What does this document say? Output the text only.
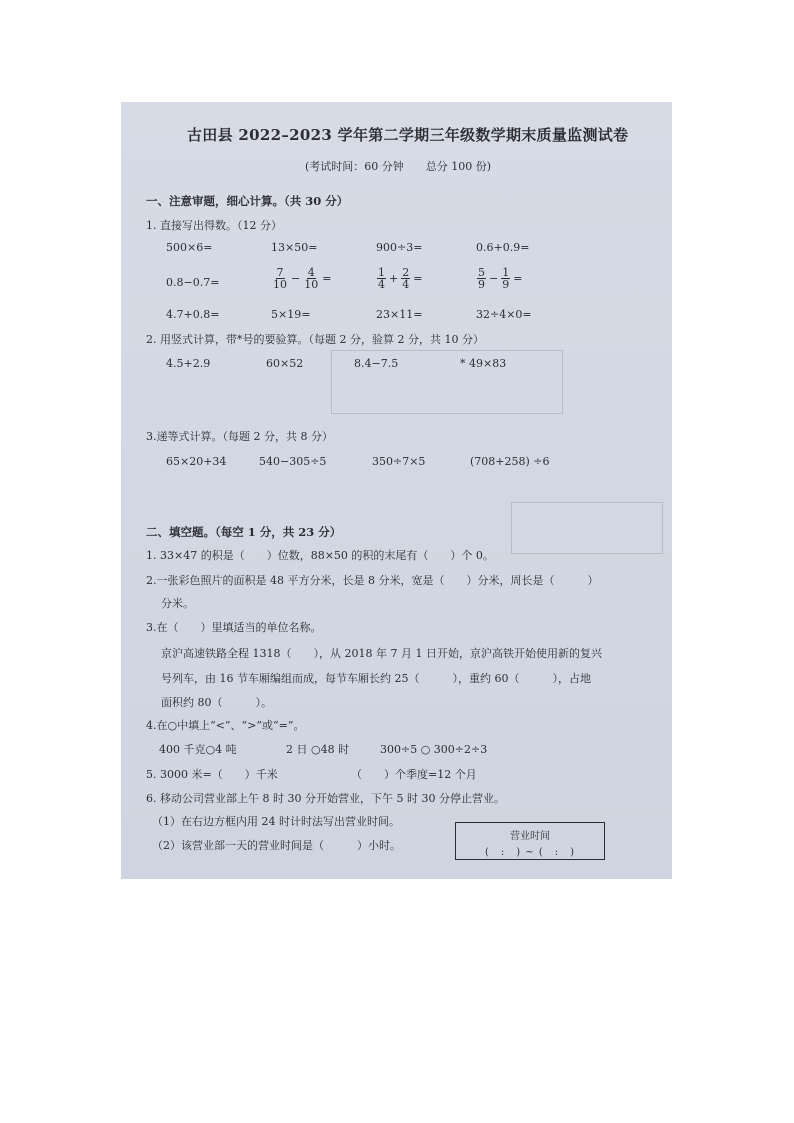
古田县 2022–2023 学年第二学期三年级数学期末质量监测试卷
(考试时间：60 分钟　　总分 100 份)
一、注意审题，细心计算。（共 30 分）
1. 直接写出得数。（12 分）
500×6=	13×50=	900÷3=	0.6+0.9=
0.8−0.7=	$\frac{7}{10} - \frac{4}{10}$ =	$\frac{1}{4} + \frac{2}{4}$ =	$\frac{5}{9} - \frac{1}{9}$ =
4.7+0.8=	5×19=	23×11=	32÷4×0=
2. 用竖式计算，带*号的要验算。（每题 2 分，验算 2 分，共 10 分）
4.5+2.9	60×52	8.4−7.5	* 49×83
3.递等式计算。（每题 2 分，共 8 分）
65×20+34	540−305÷5	350÷7×5	(708+258) ÷6
二、填空题。（每空 1 分，共 23 分）
1. 33×47 的积是（　　）位数，88×50 的积的末尾有（　　）个 0。
2.一张彩色照片的面积是 48 平方分米，长是 8 分米，宽是（　　）分米，周长是（　　　）
分米。
3.在（　　）里填适当的单位名称。
京沪高速铁路全程 1318（　　），从 2018 年 7 月 1 日开始，京沪高铁开始使用新的复兴
号列车，由 16 节车厢编组而成，每节车厢长约 25（　　　），重约 60（　　　），占地
面积约 80（　　　）。
4.在○中填上“<”、“>”或“=”。
400 千克○4 吨	2 日 ○48 时	300÷5 ○ 300÷2÷3
5. 3000 米=（　　）千米	（　　）个季度=12 个月
6. 移动公司营业部上午 8 时 30 分开始营业，下午 5 时 30 分停止营业。
（1）在右边方框内用 24 时计时法写出营业时间。
（2）该营业部一天的营业时间是（　　　）小时。
营业时间
(　:　) ~ (　:　)
